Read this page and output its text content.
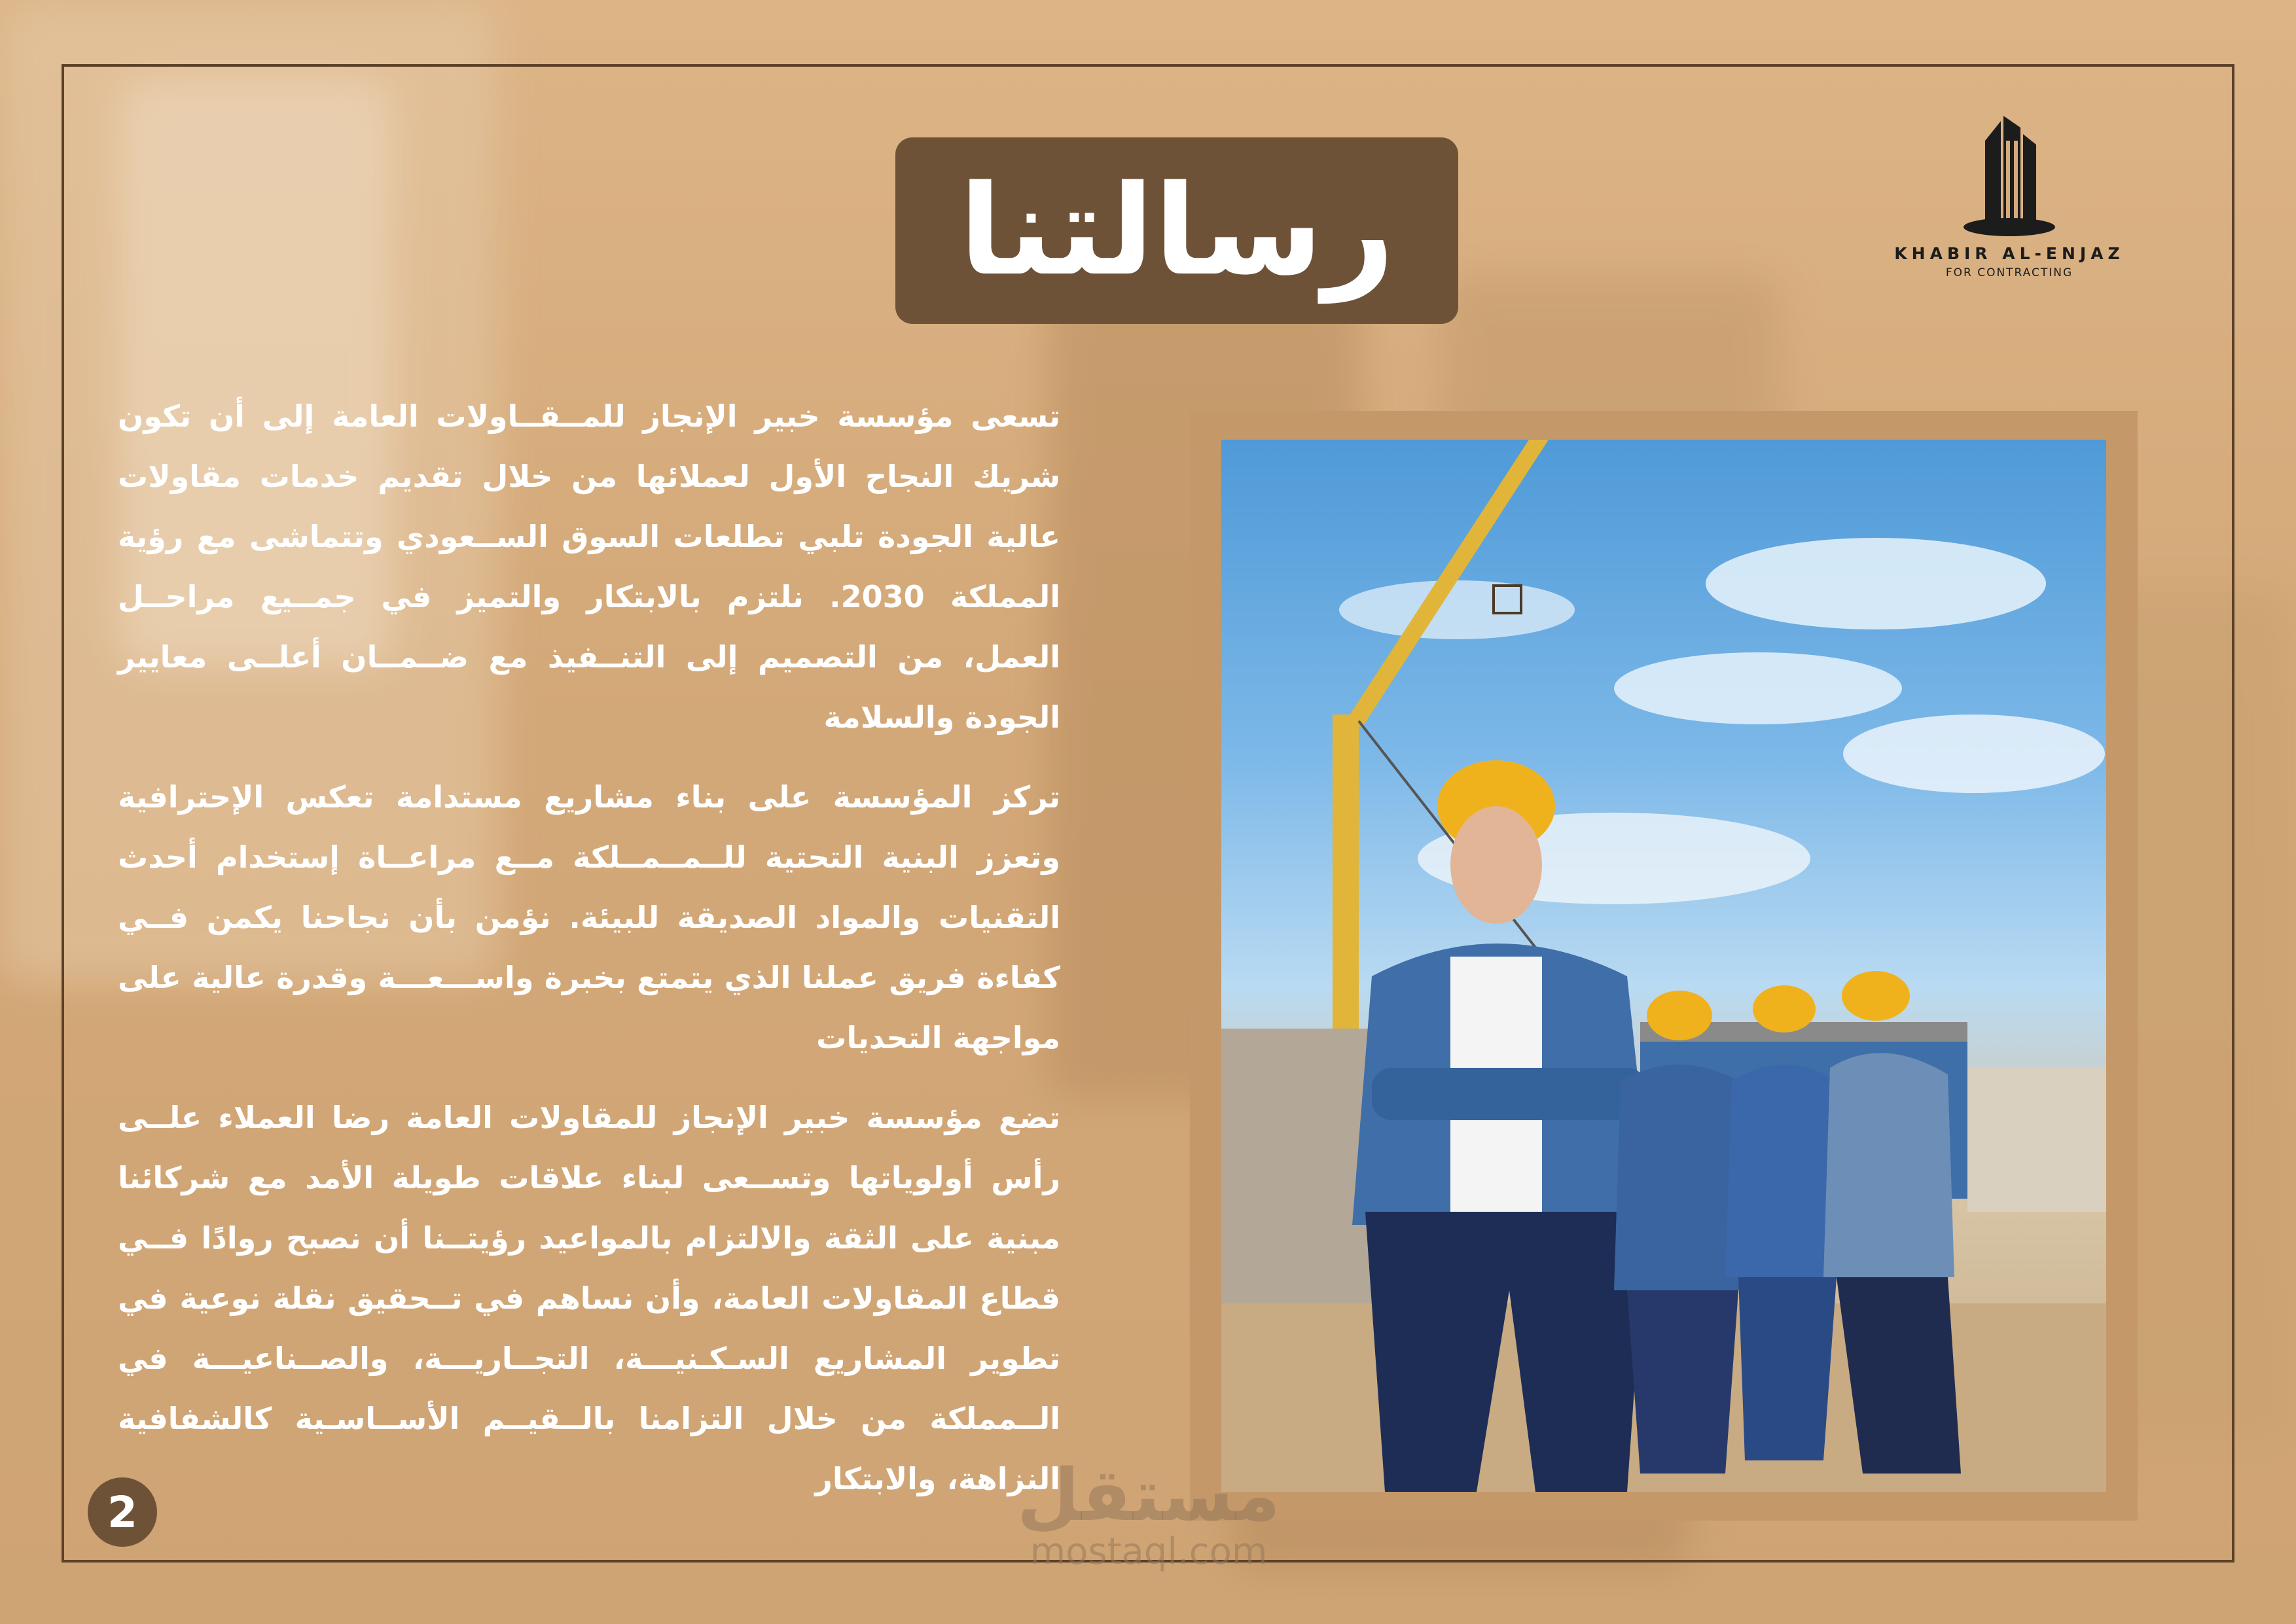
رسالتنا	KHABIR AL-ENJAZ
FOR CONTRACTING

تسعى مؤسسة خبير الإنجاز للمــقــاولات العامة إلى أن تكون شريك النجاح الأول لعملائها من خلال تقديم خدمات مقاولات عالية الجودة تلبي تطلعات السوق الســعودي وتتماشى مع رؤية المملكة 2030. نلتزم بالابتكار والتميز في جمــيع مراحــل العمل، من التصميم إلى التنــفيذ مع ضــمــان أعلــى معايير الجودة والسلامة

تركز المؤسسة على بناء مشاريع مستدامة تعكس الإحترافية وتعزز البنية التحتية للــمــمــلكة مــع مراعــاة إستخدام أحدث التقنيات والمواد الصديقة للبيئة. نؤمن بأن نجاحنا يكمن فــي كفاءة فريق عملنا الذي يتمتع بخبرة واســـعـــة وقدرة عالية على مواجهة التحديات

تضع مؤسسة خبير الإنجاز للمقاولات العامة رضا العملاء علــى رأس أولوياتها وتســعى لبناء علاقات طويلة الأمد مع شركائنا مبنية على الثقة والالتزام بالمواعيد رؤيتــنا أن نصبح روادًا فــي قطاع المقاولات العامة، وأن نساهم في تــحقيق نقلة نوعية في تطوير المشاريع السـكـنيـــة، التجــاريـــة، والصــناعيـــة في الــمملكة من خلال التزامنا بالــقيــم الأســاسـية كالشفافية النزاهة، والابتكار

2	مستقل
mostaql.com
